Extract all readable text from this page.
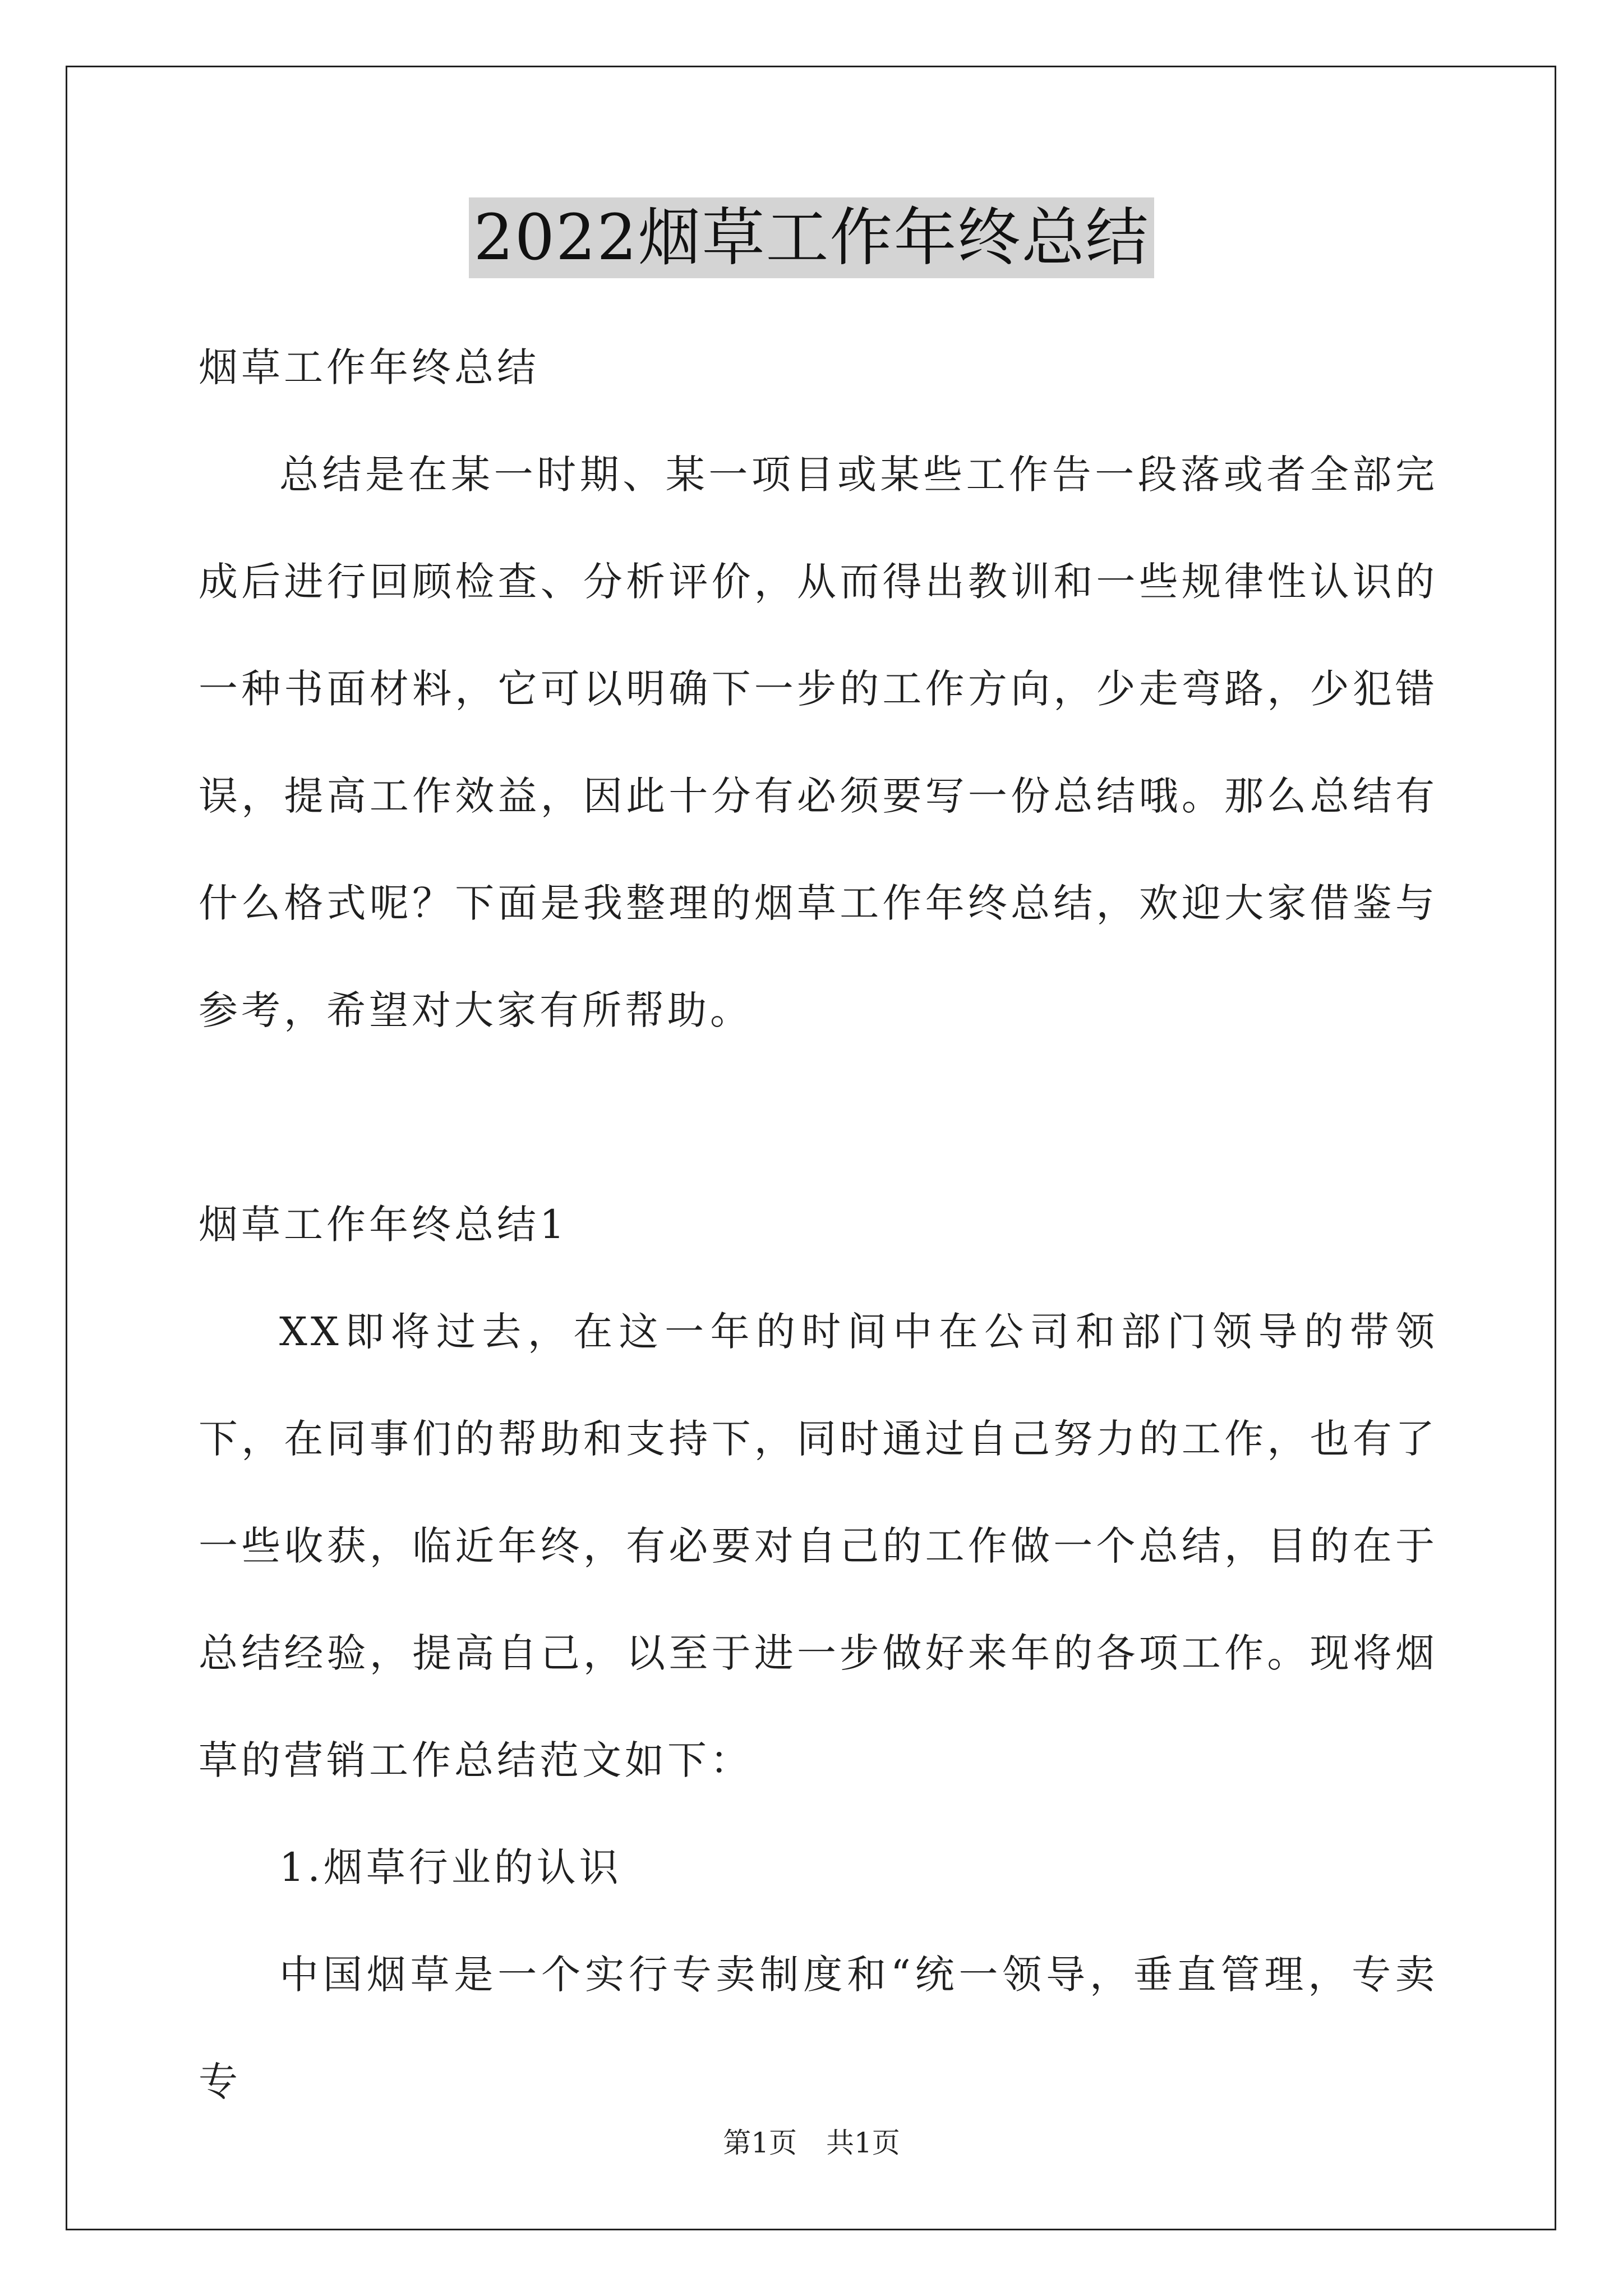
2022烟草工作年终总结

烟草工作年终总结

总结是在某一时期、某一项目或某些工作告一段落或者全部完成后进行回顾检查、分析评价，从而得出教训和一些规律性认识的一种书面材料，它可以明确下一步的工作方向，少走弯路，少犯错误，提高工作效益，因此十分有必须要写一份总结哦。那么总结有什么格式呢？下面是我整理的烟草工作年终总结，欢迎大家借鉴与参考，希望对大家有所帮助。

烟草工作年终总结1

XX即将过去，在这一年的时间中在公司和部门领导的带领下，在同事们的帮助和支持下，同时通过自己努力的工作，也有了一些收获，临近年终，有必要对自己的工作做一个总结，目的在于总结经验，提高自己，以至于进一步做好来年的各项工作。现将烟草的营销工作总结范文如下：

1.烟草行业的认识

中国烟草是一个实行专卖制度和“统一领导，垂直管理，专卖专

第1页 共1页
